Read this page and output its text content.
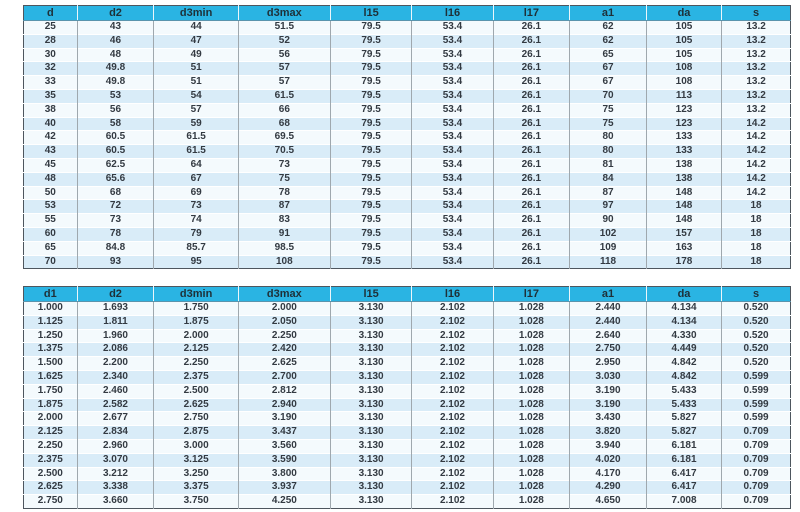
d	d2	d3min	d3max	l15	l16	l17	a1	da	s
25	43	44	51.5	79.5	53.4	26.1	62	105	13.2
28	46	47	52	79.5	53.4	26.1	62	105	13.2
30	48	49	56	79.5	53.4	26.1	65	105	13.2
32	49.8	51	57	79.5	53.4	26.1	67	108	13.2
33	49.8	51	57	79.5	53.4	26.1	67	108	13.2
35	53	54	61.5	79.5	53.4	26.1	70	113	13.2
38	56	57	66	79.5	53.4	26.1	75	123	13.2
40	58	59	68	79.5	53.4	26.1	75	123	14.2
42	60.5	61.5	69.5	79.5	53.4	26.1	80	133	14.2
43	60.5	61.5	70.5	79.5	53.4	26.1	80	133	14.2
45	62.5	64	73	79.5	53.4	26.1	81	138	14.2
48	65.6	67	75	79.5	53.4	26.1	84	138	14.2
50	68	69	78	79.5	53.4	26.1	87	148	14.2
53	72	73	87	79.5	53.4	26.1	97	148	18
55	73	74	83	79.5	53.4	26.1	90	148	18
60	78	79	91	79.5	53.4	26.1	102	157	18
65	84.8	85.7	98.5	79.5	53.4	26.1	109	163	18
70	93	95	108	79.5	53.4	26.1	118	178	18
d1	d2	d3min	d3max	l15	l16	l17	a1	da	s
1.000	1.693	1.750	2.000	3.130	2.102	1.028	2.440	4.134	0.520
1.125	1.811	1.875	2.050	3.130	2.102	1.028	2.440	4.134	0.520
1.250	1.960	2.000	2.250	3.130	2.102	1.028	2.640	4.330	0.520
1.375	2.086	2.125	2.420	3.130	2.102	1.028	2.750	4.449	0.520
1.500	2.200	2.250	2.625	3.130	2.102	1.028	2.950	4.842	0.520
1.625	2.340	2.375	2.700	3.130	2.102	1.028	3.030	4.842	0.599
1.750	2.460	2.500	2.812	3.130	2.102	1.028	3.190	5.433	0.599
1.875	2.582	2.625	2.940	3.130	2.102	1.028	3.190	5.433	0.599
2.000	2.677	2.750	3.190	3.130	2.102	1.028	3.430	5.827	0.599
2.125	2.834	2.875	3.437	3.130	2.102	1.028	3.820	5.827	0.709
2.250	2.960	3.000	3.560	3.130	2.102	1.028	3.940	6.181	0.709
2.375	3.070	3.125	3.590	3.130	2.102	1.028	4.020	6.181	0.709
2.500	3.212	3.250	3.800	3.130	2.102	1.028	4.170	6.417	0.709
2.625	3.338	3.375	3.937	3.130	2.102	1.028	4.290	6.417	0.709
2.750	3.660	3.750	4.250	3.130	2.102	1.028	4.650	7.008	0.709
